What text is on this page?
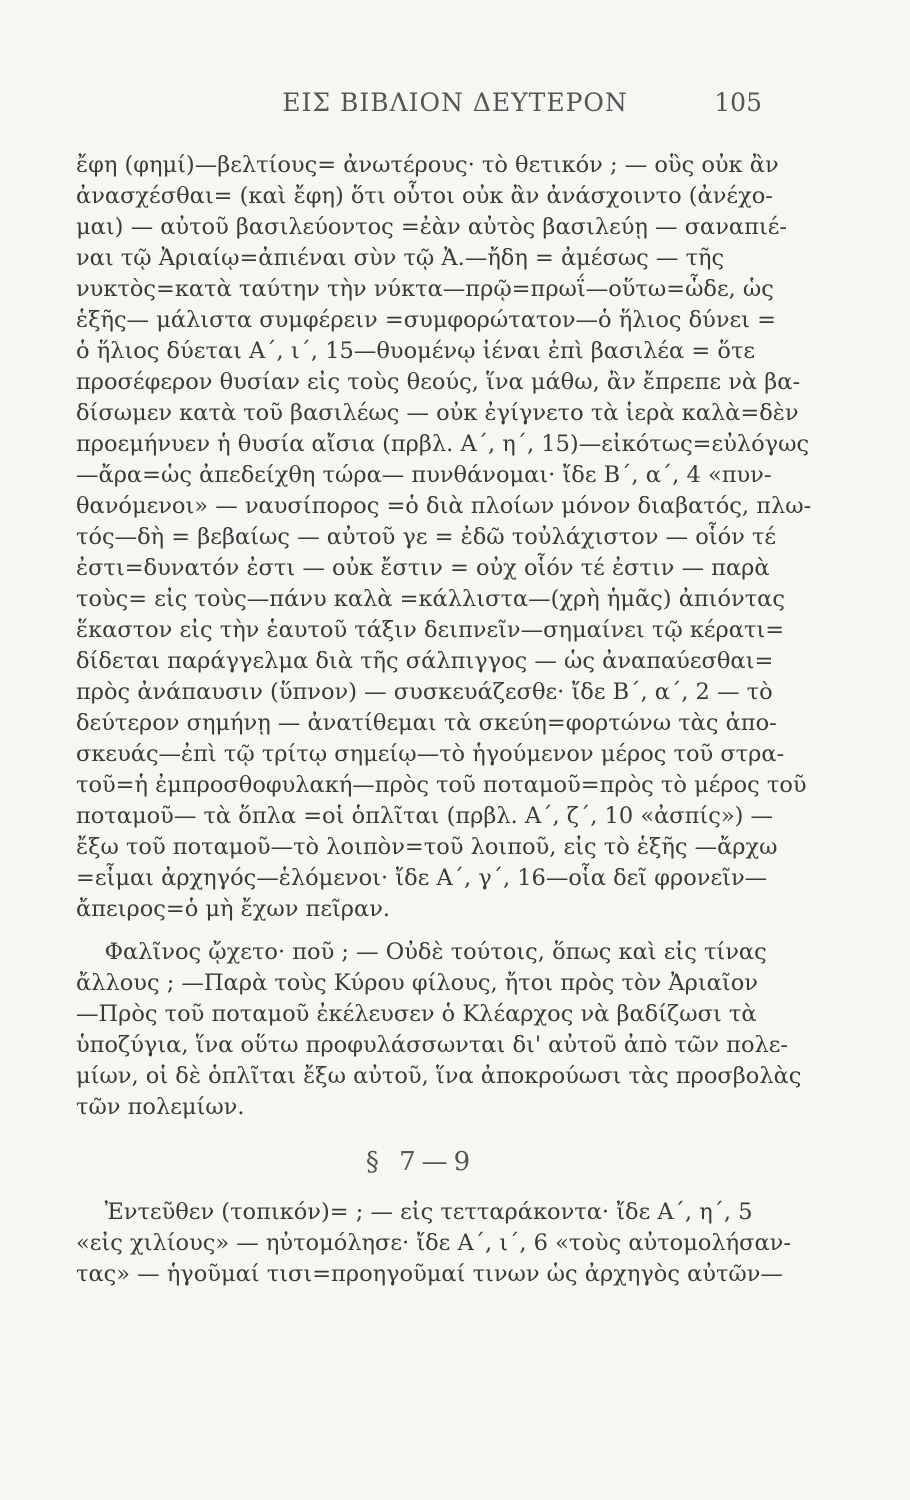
ΕΙΣ ΒΙΒΛΙΟΝ ΔΕΥΤΕΡΟΝ	105
ἔφη (φημί)—βελτίους= ἀνωτέρους· τὸ θετικόν ; — οὓς οὐκ ἂν
ἀνασχέσθαι= (καὶ ἔφη) ὅτι οὗτοι οὐκ ἂν ἀνάσχοιντο (ἀνέχο-
μαι) — αὐτοῦ βασιλεύοντος =ἐὰν αὐτὸς βασιλεύῃ — σαναπιέ-
ναι τῷ Ἀριαίῳ=ἀπιέναι σὺν τῷ Ἀ.—ἤδη = ἀμέσως — τῆς
νυκτὸς=κατὰ ταύτην τὴν νύκτα—πρῷ=πρωΐ—οὕτω=ὧδε, ὡς
ἑξῆς— μάλιστα συμφέρειν =συμφορώτατον—ὁ ἥλιος δύνει =
ὁ ἥλιος δύεται Α΄, ι΄, 15—θυομένῳ ἰέναι ἐπὶ βασιλέα = ὅτε
προσέφερον θυσίαν εἰς τοὺς θεούς, ἵνα μάθω, ἂν ἔπρεπε νὰ βα-
δίσωμεν κατὰ τοῦ βασιλέως — οὐκ ἐγίγνετο τὰ ἱερὰ καλὰ=δὲν
προεμήνυεν ἡ θυσία αἴσια (πρβλ. Α΄, η΄, 15)—εἰκότως=εὐλόγως
—ἄρα=ὡς ἀπεδείχθη τώρα— πυνθάνομαι· ἴδε Β΄, α΄, 4 «πυν-
θανόμενοι» — ναυσίπορος =ὁ διὰ πλοίων μόνον διαβατός, πλω-
τός—δὴ = βεβαίως — αὐτοῦ γε = ἐδῶ τοὐλάχιστον — οἷόν τέ
ἐστι=δυνατόν ἐστι — οὐκ ἔστιν = οὐχ οἷόν τέ ἐστιν — παρὰ
τοὺς= εἰς τοὺς—πάνυ καλὰ =κάλλιστα—(χρὴ ἡμᾶς) ἀπιόντας
ἕκαστον εἰς τὴν ἑαυτοῦ τάξιν δειπνεῖν—σημαίνει τῷ κέρατι=
δίδεται παράγγελμα διὰ τῆς σάλπιγγος — ὡς ἀναπαύεσθαι=
πρὸς ἀνάπαυσιν (ὕπνον) — συσκευάζεσθε· ἴδε Β΄, α΄, 2 — τὸ
δεύτερον σημήνῃ — ἀνατίθεμαι τὰ σκεύη=φορτώνω τὰς ἀπο-
σκευάς—ἐπὶ τῷ τρίτῳ σημείῳ—τὸ ἡγούμενον μέρος τοῦ στρα-
τοῦ=ἡ ἐμπροσθοφυλακή—πρὸς τοῦ ποταμοῦ=πρὸς τὸ μέρος τοῦ
ποταμοῦ— τὰ ὅπλα =οἱ ὁπλῖται (πρβλ. Α΄, ζ΄, 10 «ἀσπίς») —
ἔξω τοῦ ποταμοῦ—τὸ λοιπὸν=τοῦ λοιποῦ, εἰς τὸ ἑξῆς —ἄρχω
=εἶμαι ἀρχηγός—ἑλόμενοι· ἴδε Α΄, γ΄, 16—οἷα δεῖ φρονεῖν—
ἄπειρος=ὁ μὴ ἔχων πεῖραν.
Φαλῖνος ᾤχετο· ποῦ ; — Οὐδὲ τούτοις, ὅπως καὶ εἰς τίνας
ἄλλους ; —Παρὰ τοὺς Κύρου φίλους, ἤτοι πρὸς τὸν Ἀριαῖον
—Πρὸς τοῦ ποταμοῦ ἐκέλευσεν ὁ Κλέαρχος νὰ βαδίζωσι τὰ
ὑποζύγια, ἵνα οὕτω προφυλάσσωνται δι' αὐτοῦ ἀπὸ τῶν πολε-
μίων, οἱ δὲ ὁπλῖται ἔξω αὐτοῦ, ἵνα ἀποκρούωσι τὰς προσβολὰς
τῶν πολεμίων.
§ 7—9
Ἐντεῦθεν (τοπικόν)= ; — εἰς τετταράκοντα· ἴδε Α΄, η΄, 5
«εἰς χιλίους» — ηὐτομόλησε· ἴδε Α΄, ι΄, 6 «τοὺς αὐτομολήσαν-
τας» — ἡγοῦμαί τισι=προηγοῦμαί τινων ὡς ἀρχηγὸς αὐτῶν—
